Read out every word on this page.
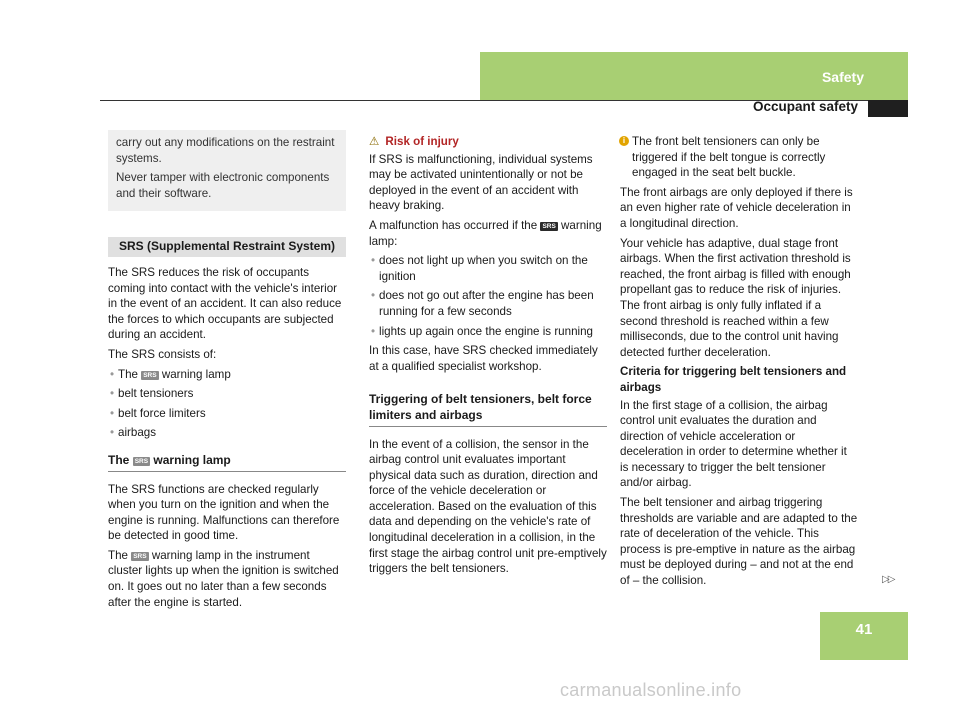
Safety
Occupant safety

carry out any modifications on the restraint systems.

Never tamper with electronic components and their software.

SRS (Supplemental Restraint System)

The SRS reduces the risk of occupants coming into contact with the vehicle's interior in the event of an accident. It can also reduce the forces to which occupants are subjected during an accident.

The SRS consists of:

• The SRS warning lamp
• belt tensioners
• belt force limiters
• airbags
The SRS warning lamp

The SRS functions are checked regularly when you turn on the ignition and when the engine is running. Malfunctions can therefore be detected in good time.

The SRS warning lamp in the instrument cluster lights up when the ignition is switched on. It goes out no later than a few seconds after the engine is started.

⚠ Risk of injury

If SRS is malfunctioning, individual systems may be activated unintentionally or not be deployed in the event of an accident with heavy braking.

A malfunction has occurred if the SRS warning lamp:

• does not light up when you switch on the ignition
• does not go out after the engine has been running for a few seconds
• lights up again once the engine is running

In this case, have SRS checked immediately at a qualified specialist workshop.

Triggering of belt tensioners, belt force limiters and airbags

In the event of a collision, the sensor in the airbag control unit evaluates important physical data such as duration, direction and force of the vehicle deceleration or acceleration. Based on the evaluation of this data and depending on the vehicle's rate of longitudinal deceleration in a collision, in the first stage the airbag control unit pre-emptively triggers the belt tensioners.

i The front belt tensioners can only be triggered if the belt tongue is correctly engaged in the seat belt buckle.

The front airbags are only deployed if there is an even higher rate of vehicle deceleration in a longitudinal direction.

Your vehicle has adaptive, dual stage front airbags. When the first activation threshold is reached, the front airbag is filled with enough propellant gas to reduce the risk of injuries. The front airbag is only fully inflated if a second threshold is reached within a few milliseconds, due to the control unit having detected further deceleration.

Criteria for triggering belt tensioners and airbags

In the first stage of a collision, the airbag control unit evaluates the duration and direction of vehicle acceleration or deceleration in order to determine whether it is necessary to trigger the belt tensioner and/or airbag.

The belt tensioner and airbag triggering thresholds are variable and are adapted to the rate of deceleration of the vehicle. This process is pre-emptive in nature as the airbag must be deployed during – and not at the end of – the collision.	▷▷
41
carmanualsonline.info
